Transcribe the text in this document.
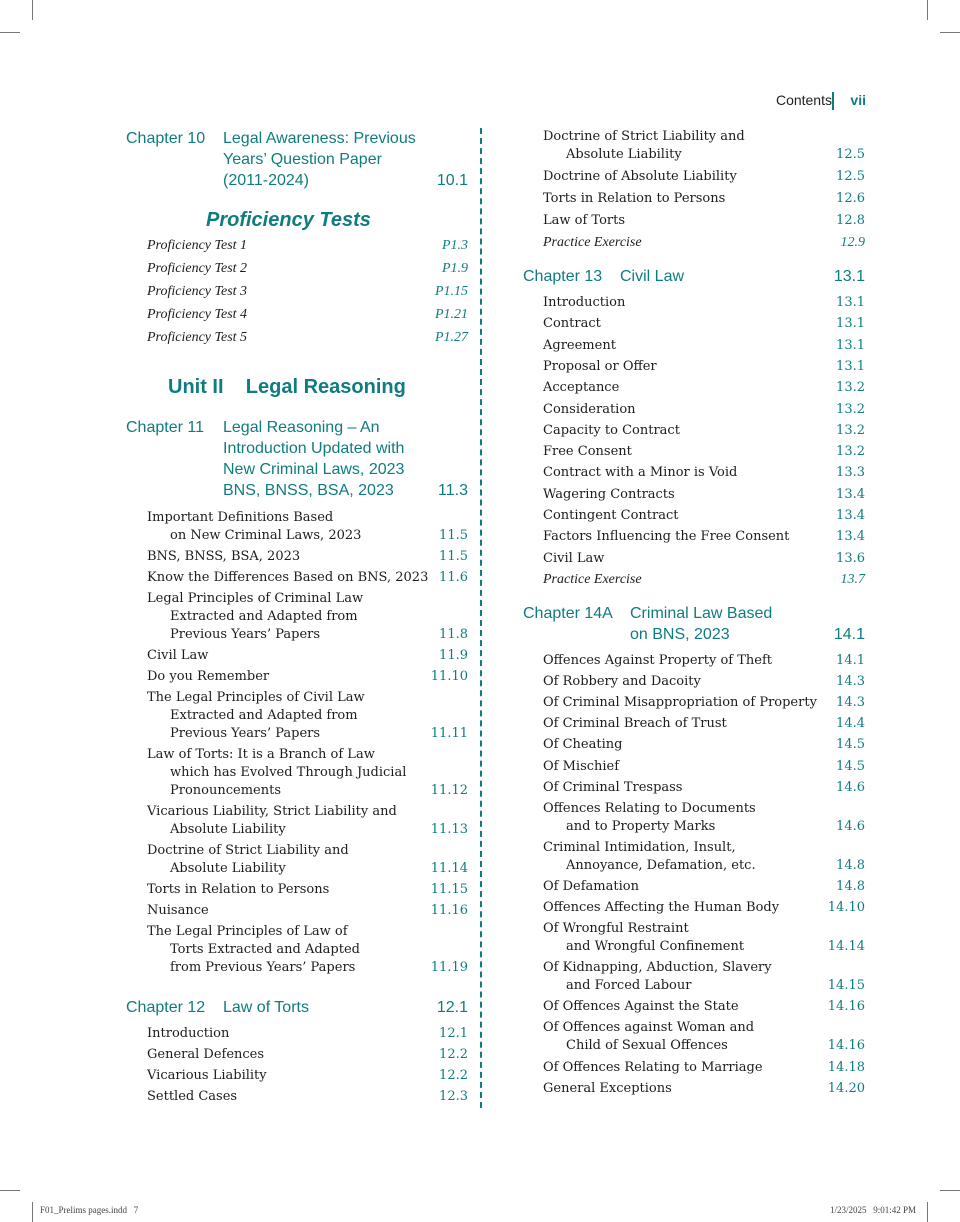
Contents vii
Chapter 10 Legal Awareness: Previous
Years’ Question Paper
(2011-2024)	10.1
Proficiency Tests
Proficiency Test 1	P1.3
Proficiency Test 2	P1.9
Proficiency Test 3	P1.15
Proficiency Test 4	P1.21
Proficiency Test 5	P1.27
Unit II    Legal Reasoning
Chapter 11 Legal Reasoning – An
Introduction Updated with
New Criminal Laws, 2023
BNS, BNSS, BSA, 2023	11.3
Important Definitions Based
on New Criminal Laws, 2023	11.5
BNS, BNSS, BSA, 2023	11.5
Know the Differences Based on BNS, 2023 11.6
Legal Principles of Criminal Law
Extracted and Adapted from
Previous Years’ Papers	11.8
Civil Law	11.9
Do you Remember	11.10
The Legal Principles of Civil Law
Extracted and Adapted from
Previous Years’ Papers	11.11
Law of Torts: It is a Branch of Law
which has Evolved Through Judicial
Pronouncements	11.12
Vicarious Liability, Strict Liability and
Absolute Liability	11.13
Doctrine of Strict Liability and
Absolute Liability	11.14
Torts in Relation to Persons	11.15
Nuisance	11.16
The Legal Principles of Law of
Torts Extracted and Adapted
from Previous Years’ Papers	11.19
Chapter 12 Law of Torts	12.1
Introduction	12.1
General Defences	12.2
Vicarious Liability	12.2
Settled Cases	12.3
Doctrine of Strict Liability and
Absolute Liability	12.5
Doctrine of Absolute Liability	12.5
Torts in Relation to Persons	12.6
Law of Torts	12.8
Practice Exercise	12.9
Chapter 13 Civil Law	13.1
Introduction	13.1
Contract	13.1
Agreement	13.1
Proposal or Offer	13.1
Acceptance	13.2
Consideration	13.2
Capacity to Contract	13.2
Free Consent	13.2
Contract with a Minor is Void	13.3
Wagering Contracts	13.4
Contingent Contract	13.4
Factors Influencing the Free Consent	13.4
Civil Law	13.6
Practice Exercise	13.7
Chapter 14A Criminal Law Based
on BNS, 2023	14.1
Offences Against Property of Theft	14.1
Of Robbery and Dacoity	14.3
Of Criminal Misappropriation of Property 14.3
Of Criminal Breach of Trust	14.4
Of Cheating	14.5
Of Mischief	14.5
Of Criminal Trespass	14.6
Offences Relating to Documents
and to Property Marks	14.6
Criminal Intimidation, Insult,
Annoyance, Defamation, etc.	14.8
Of Defamation	14.8
Offences Affecting the Human Body	14.10
Of Wrongful Restraint
and Wrongful Confinement	14.14
Of Kidnapping, Abduction, Slavery
and Forced Labour	14.15
Of Offences Against the State	14.16
Of Offences against Woman and
Child of Sexual Offences	14.16
Of Offences Relating to Marriage	14.18
General Exceptions	14.20
F01_Prelims pages.indd   7	1/23/2025   9:01:42 PM
